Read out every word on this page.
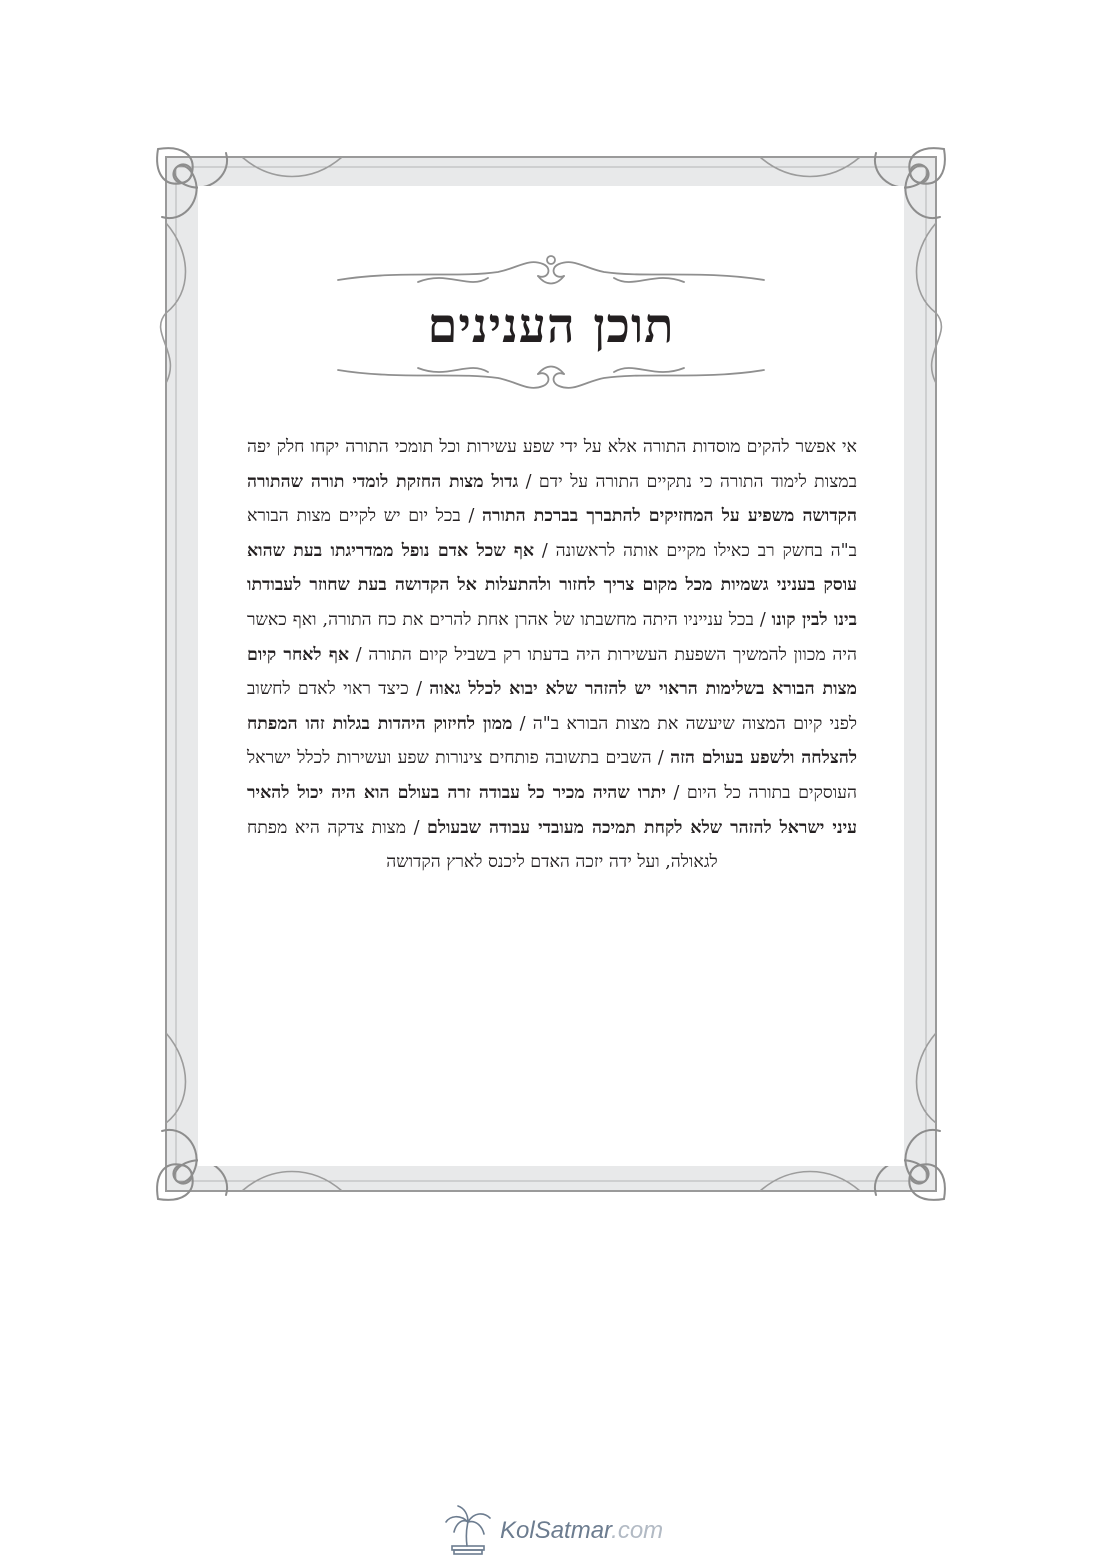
תוכן הענינים
אי אפשר להקים מוסדות התורה אלא על ידי שפע עשירות וכל תומכי התורה יקחו חלק יפה במצות לימוד התורה כי נתקיים התורה על ידם / גדול מצות החזקת לומדי תורה שהתורה הקדושה משפיע על המחזיקים להתברך בברכת התורה / בכל יום יש לקיים מצות הבורא ב"ה בחשק רב כאילו מקיים אותה לראשונה / אף שכל אדם נופל ממדריגתו בעת שהוא עוסק בעניני גשמיות מכל מקום צריך לחזור ולהתעלות אל הקדושה בעת שחוזר לעבודתו בינו לבין קונו / בכל ענייניו היתה מחשבתו של אהרן אחת להרים את כח התורה, ואף כאשר היה מכוון להמשיך השפעת העשירות היה בדעתו רק בשביל קיום התורה / אף לאחר קיום מצות הבורא בשלימות הראוי יש להזהר שלא יבוא לכלל גאוה / כיצד ראוי לאדם לחשוב לפני קיום המצוה שיעשה את מצות הבורא ב"ה / ממון לחיזוק היהדות בגלות זהו המפתח להצלחה ולשפע בעולם הזה / השבים בתשובה פותחים צינורות שפע ועשירות לכלל ישראל העוסקים בתורה כל היום / יתרו שהיה מכיר כל עבודה זרה בעולם הוא היה יכול להאיר עיני ישראל להזהר שלא לקחת תמיכה מעובדי עבודה שבעולם / מצות צדקה היא מפתח לגאולה, ועל ידה יזכה האדם ליכנס לארץ הקדושה
KolSatmar.com
